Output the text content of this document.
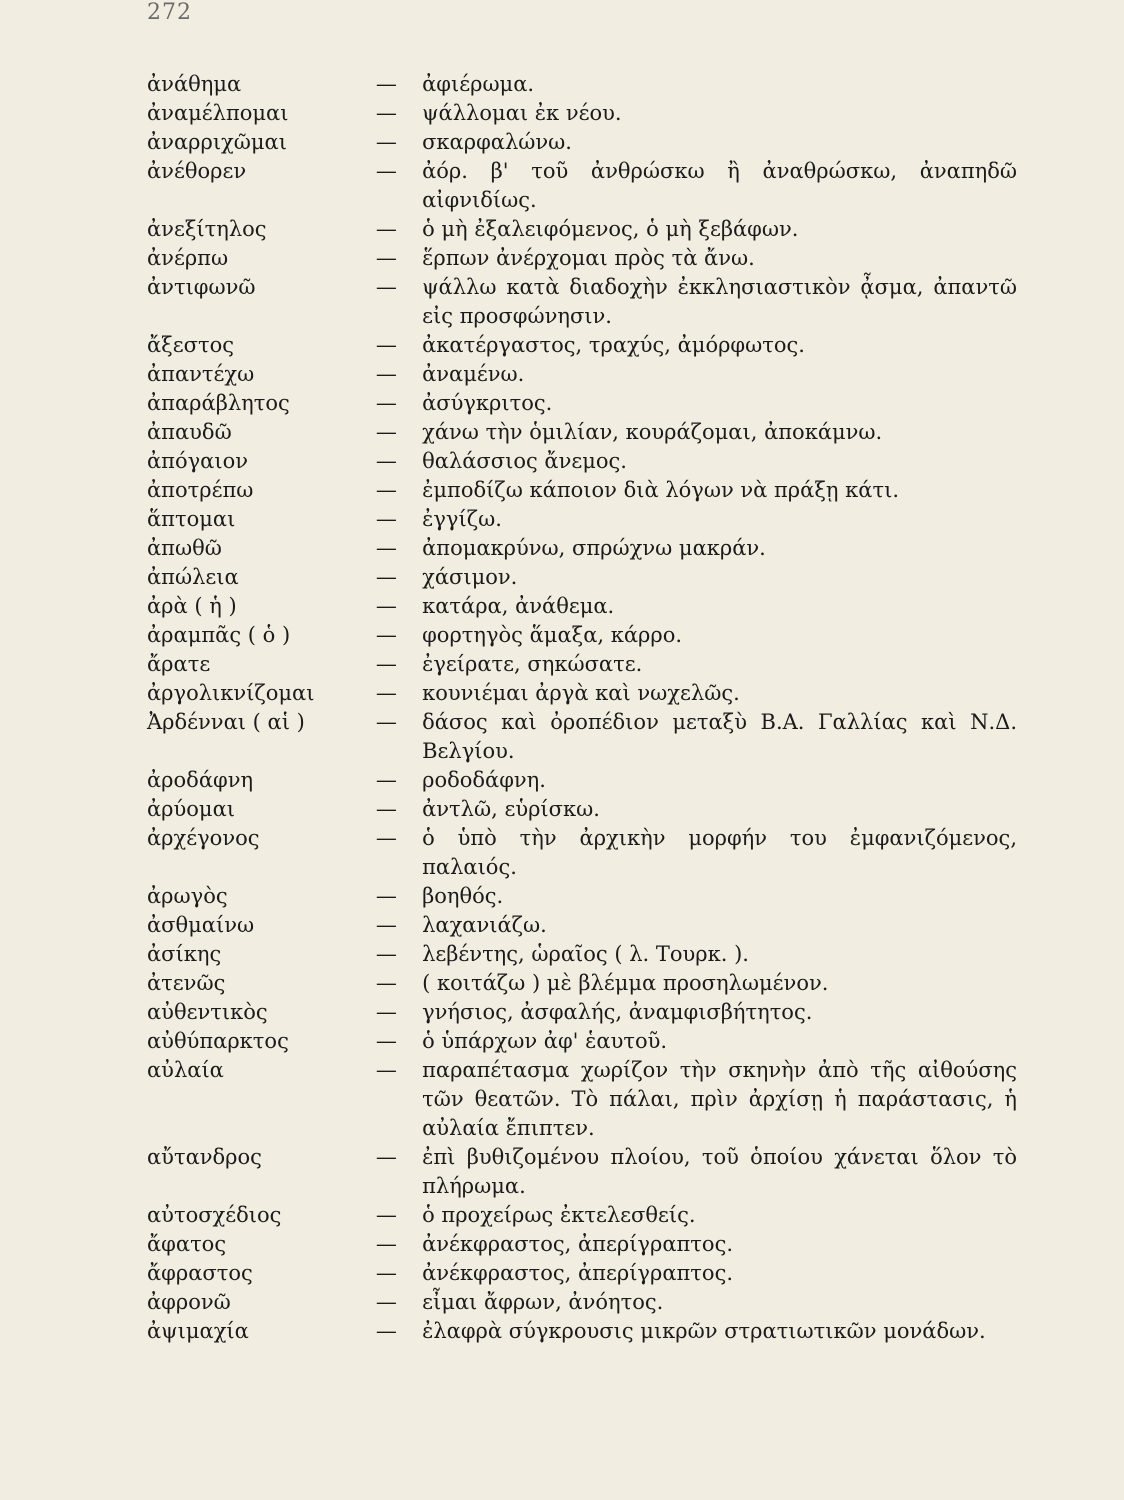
272
ἀνάθημα	— ἀφιέρωμα.
ἀναμέλπομαι	— ψάλλομαι ἐκ νέου.
ἀναρριχῶμαι	— σκαρφαλώνω.
ἀνέθορεν	— ἀόρ. β' τοῦ ἀνθρώσκω ἢ ἀναθρώσκω, ἀναπηδῶ αἰφνιδίως.
ἀνεξίτηλος	— ὁ μὴ ἐξαλειφόμενος, ὁ μὴ ξεβάφων.
ἀνέρπω	— ἕρπων ἀνέρχομαι πρὸς τὰ ἄνω.
ἀντιφωνῶ	— ψάλλω κατὰ διαδοχὴν ἐκκλησιαστικὸν ᾆσμα, ἀπαντῶ εἰς προσφώνησιν.
ἄξεστος	— ἀκατέργαστος, τραχύς, ἀμόρφωτος.
ἀπαντέχω	— ἀναμένω.
ἀπαράβλητος	— ἀσύγκριτος.
ἀπαυδῶ	— χάνω τὴν ὁμιλίαν, κουράζομαι, ἀποκάμνω.
ἀπόγαιον	— θαλάσσιος ἄνεμος.
ἀποτρέπω	— ἐμποδίζω κάποιον διὰ λόγων νὰ πράξῃ κάτι.
ἅπτομαι	— ἐγγίζω.
ἀπωθῶ	— ἀπομακρύνω, σπρώχνω μακράν.
ἀπώλεια	— χάσιμον.
ἀρὰ ( ἡ )	— κατάρα, ἀνάθεμα.
ἀραμπᾶς ( ὁ )	— φορτηγὸς ἅμαξα, κάρρο.
ἄρατε	— ἐγείρατε, σηκώσατε.
ἀργολικνίζομαι	— κουνιέμαι ἀργὰ καὶ νωχελῶς.
Ἀρδένναι ( αἱ )	— δάσος καὶ ὀροπέδιον μεταξὺ Β.Α. Γαλλίας καὶ Ν.Δ. Βελγίου.
ἀροδάφνη	— ροδοδάφνη.
ἀρύομαι	— ἀντλῶ, εὑρίσκω.
ἀρχέγονος	— ὁ ὑπὸ τὴν ἀρχικὴν μορφήν του ἐμφανιζόμενος, παλαιός.
ἀρωγὸς	— βοηθός.
ἀσθμαίνω	— λαχανιάζω.
ἀσίκης	— λεβέντης, ὡραῖος ( λ. Τουρκ. ).
ἀτενῶς	— ( κοιτάζω ) μὲ βλέμμα προσηλωμένον.
αὐθεντικὸς	— γνήσιος, ἀσφαλής, ἀναμφισβήτητος.
αὐθύπαρκτος	— ὁ ὑπάρχων ἀφ' ἑαυτοῦ.
αὐλαία	— παραπέτασμα χωρίζον τὴν σκηνὴν ἀπὸ τῆς αἰθούσης τῶν θεατῶν. Τὸ πάλαι, πρὶν ἀρχίσῃ ἡ παράστασις, ἡ αὐλαία ἔπιπτεν.
αὔτανδρος	— ἐπὶ βυθιζομένου πλοίου, τοῦ ὁποίου χάνεται ὅλον τὸ πλήρωμα.
αὐτοσχέδιος	— ὁ προχείρως ἐκτελεσθείς.
ἄφατος	— ἀνέκφραστος, ἀπερίγραπτος.
ἄφραστος	— ἀνέκφραστος, ἀπερίγραπτος.
ἀφρονῶ	— εἶμαι ἄφρων, ἀνόητος.
ἀψιμαχία	— ἐλαφρὰ σύγκρουσις μικρῶν στρατιωτικῶν μονάδων.
